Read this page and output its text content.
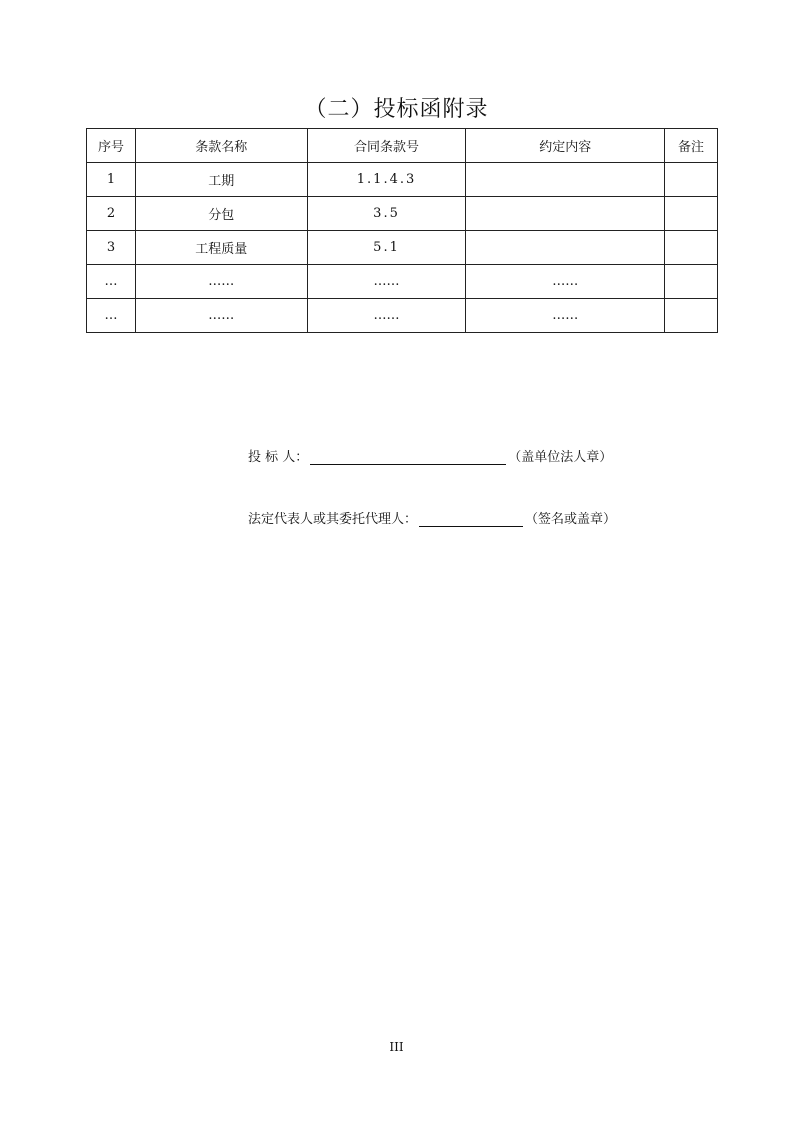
（二）投标函附录
序号	条款名称	合同条款号	约定内容	备注
1	工期	1.1.4.3		
2	分包	3.5		
3	工程质量	5.1		
…	……	……	……	
…	……	……	……	
投 标 人：	（盖单位法人章）
法定代表人或其委托代理人：	（签名或盖章）
III
